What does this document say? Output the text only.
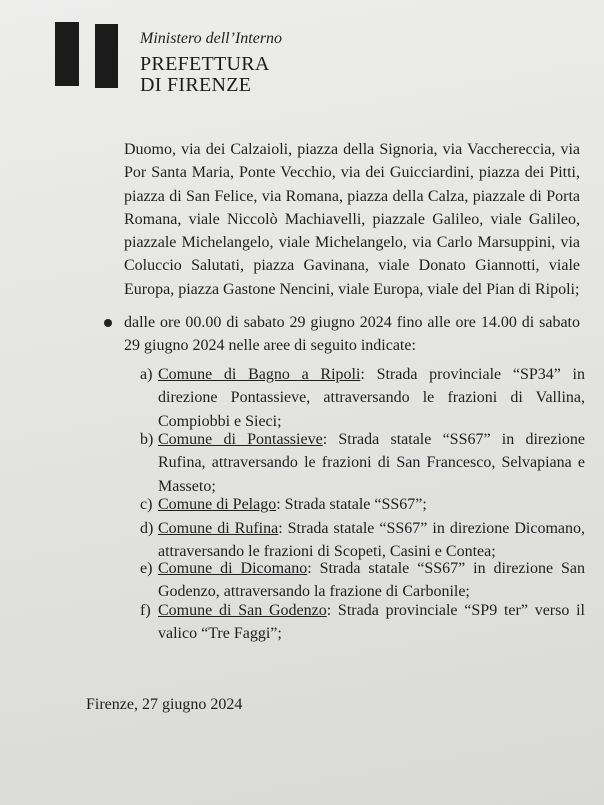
Ministero dell’Interno
PREFETTURA
DI FIRENZE
Duomo, via dei Calzaioli, piazza della Signoria, via Vacchereccia, via Por Santa Maria, Ponte Vecchio, via dei Guicciardini, piazza dei Pitti, piazza di San Felice, via Romana, piazza della Calza, piazzale di Porta Romana, viale Niccolò Machiavelli, piazzale Galileo, viale Galileo, piazzale Michelangelo, viale Michelangelo, via Carlo Marsuppini, via Coluccio Salutati, piazza Gavinana, viale Donato Giannotti, viale Europa, piazza Gastone Nencini, viale Europa, viale del Pian di Ripoli;
dalle ore 00.00 di sabato 29 giugno 2024 fino alle ore 14.00 di sabato 29 giugno 2024 nelle aree di seguito indicate:
a) Comune di Bagno a Ripoli: Strada provinciale “SP34” in direzione Pontassieve, attraversando le frazioni di Vallina, Compiobbi e Sieci;
b) Comune di Pontassieve: Strada statale “SS67” in direzione Rufina, attraversando le frazioni di San Francesco, Selvapiana e Masseto;
c) Comune di Pelago: Strada statale “SS67”;
d) Comune di Rufina: Strada statale “SS67” in direzione Dicomano, attraversando le frazioni di Scopeti, Casini e Contea;
e) Comune di Dicomano: Strada statale “SS67” in direzione San Godenzo, attraversando la frazione di Carbonile;
f) Comune di San Godenzo: Strada provinciale “SP9 ter” verso il valico “Tre Faggi”;
Firenze, 27 giugno 2024
